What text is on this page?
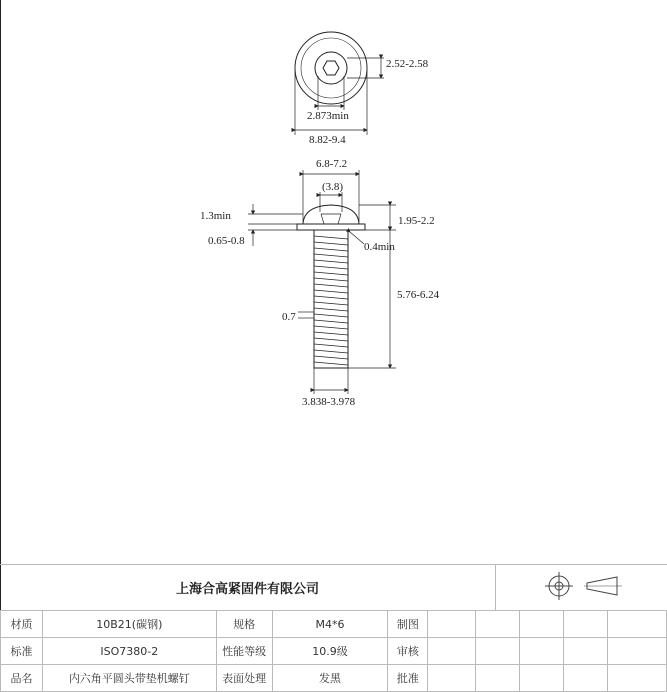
2.52-2.58
2.873min
8.82-9.4
6.8-7.2
(3.8)
1.3min
0.65-0.8
1.95-2.2
0.4min
5.76-6.24
0.7
3.838-3.978
上海合高紧固件有限公司
材质	10B21(碳钢)	规格	M4*6	制图					
标准	ISO7380-2	性能等级	10.9级	审核					
品名	内六角平圆头带垫机螺钉	表面处理	发黑	批准					
